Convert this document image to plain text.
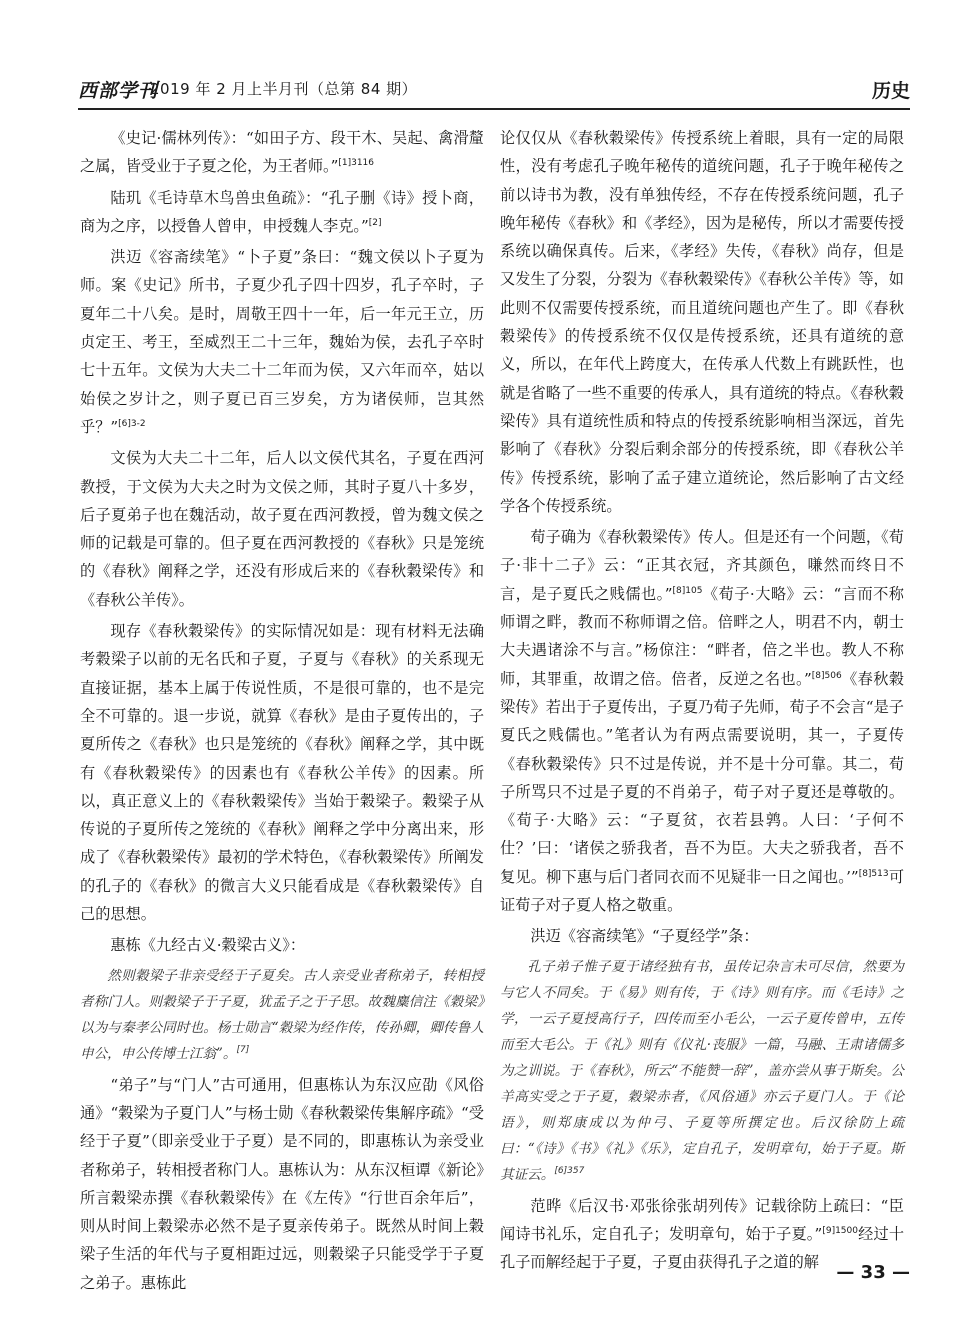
西部学刊
2019 年 2 月上半月刊（总第 84 期）	历史

《史记·儒林列传》：“如田子方、段干木、吴起、禽滑釐之属，皆受业于子夏之伦，为王者师。”$^{[1]3116}$

陆玑《毛诗草木鸟兽虫鱼疏》：“孔子删《诗》授卜商，商为之序，以授鲁人曾申，申授魏人李克。”[2]

洪迈《容斋续笔》“卜子夏”条曰：“魏文侯以卜子夏为师。案《史记》所书，子夏少孔子四十四岁，孔子卒时，子夏年二十八矣。是时，周敬王四十一年，后一年元王立，历贞定王、考王，至威烈王二十三年，魏始为侯，去孔子卒时七十五年。文侯为大夫二十二年而为侯，又六年而卒，姑以始侯之岁计之，则子夏已百三岁矣，方为诸侯师，岂其然乎？”$^{[6]3-2}$

文侯为大夫二十二年，后人以文侯代其名，子夏在西河教授，于文侯为大夫之时为文侯之师，其时子夏八十多岁，后子夏弟子也在魏活动，故子夏在西河教授，曾为魏文侯之师的记载是可靠的。但子夏在西河教授的《春秋》只是笼统的《春秋》阐释之学，还没有形成后来的《春秋穀梁传》和《春秋公羊传》。

现存《春秋穀梁传》的实际情况如是：现有材料无法确考穀梁子以前的无名氏和子夏，子夏与《春秋》的关系现无直接证据，基本上属于传说性质，不是很可靠的，也不是完全不可靠的。退一步说，就算《春秋》是由子夏传出的，子夏所传之《春秋》也只是笼统的《春秋》阐释之学，其中既有《春秋穀梁传》的因素也有《春秋公羊传》的因素。所以，真正意义上的《春秋穀梁传》当始于穀梁子。穀梁子从传说的子夏所传之笼统的《春秋》阐释之学中分离出来，形成了《春秋穀梁传》最初的学术特色，《春秋穀梁传》所阐发的孔子的《春秋》的微言大义只能看成是《春秋穀梁传》自己的思想。

惠栋《九经古义·穀梁古义》：

然则穀梁子非亲受经于子夏矣。古人亲受业者称弟子，转相授者称门人。则穀梁子于子夏，犹孟子之于子思。故魏麋信注《穀梁》以为与秦孝公同时也。杨士勋言“穀梁为经作传，传孙卿，卿传鲁人申公，申公传博士江翁”。[7]

“弟子”与“门人”古可通用，但惠栋认为东汉应劭《风俗通》“穀梁为子夏门人”与杨士勋《春秋穀梁传集解序疏》“受经于子夏”（即亲受业于子夏）是不同的，即惠栋认为亲受业者称弟子，转相授者称门人。惠栋认为：从东汉桓谭《新论》所言穀梁赤撰《春秋穀梁传》在《左传》“行世百余年后”，则从时间上穀梁赤必然不是子夏亲传弟子。既然从时间上穀梁子生活的年代与子夏相距过远，则穀梁子只能受学于子夏之弟子。惠栋此

论仅仅从《春秋穀梁传》传授系统上着眼，具有一定的局限性，没有考虑孔子晚年秘传的道统问题，孔子于晚年秘传之前以诗书为教，没有单独传经，不存在传授系统问题，孔子晚年秘传《春秋》和《孝经》，因为是秘传，所以才需要传授系统以确保真传。后来，《孝经》失传，《春秋》尚存，但是又发生了分裂，分裂为《春秋穀梁传》《春秋公羊传》等，如此则不仅需要传授系统，而且道统问题也产生了。即《春秋穀梁传》的传授系统不仅仅是传授系统，还具有道统的意义，所以，在年代上跨度大，在传承人代数上有跳跃性，也就是省略了一些不重要的传承人，具有道统的特点。《春秋穀梁传》具有道统性质和特点的传授系统影响相当深远，首先影响了《春秋》分裂后剩余部分的传授系统，即《春秋公羊传》传授系统，影响了孟子建立道统论，然后影响了古文经学各个传授系统。

荀子确为《春秋穀梁传》传人。但是还有一个问题，《荀子·非十二子》云：“正其衣冠，齐其颜色，嗛然而终日不言，是子夏氏之贱儒也。”$^{[8]105}$《荀子·大略》云：“言而不称师谓之畔，教而不称师谓之倍。倍畔之人，明君不内，朝士大夫遇诸涂不与言。”杨倞注：“畔者，倍之半也。教人不称师，其罪重，故谓之倍。倍者，反逆之名也。”$^{[8]506}$《春秋穀梁传》若出于子夏传出，子夏乃荀子先师，荀子不会言“是子夏氏之贱儒也。”笔者认为有两点需要说明，其一，子夏传《春秋穀梁传》只不过是传说，并不是十分可靠。其二，荀子所骂只不过是子夏的不肖弟子，荀子对子夏还是尊敬的。《荀子·大略》云：“子夏贫，衣若县鹑。人曰：‘子何不仕？’曰：‘诸侯之骄我者，吾不为臣。大夫之骄我者，吾不复见。柳下惠与后门者同衣而不见疑非一日之闻也。’”$^{[8]513}$可证荀子对子夏人格之敬重。

洪迈《容斋续笔》“子夏经学”条：

孔子弟子惟子夏于诸经独有书，虽传记杂言未可尽信，然要为与它人不同矣。于《易》则有传，于《诗》则有序。而《毛诗》之学，一云子夏授高行子，四传而至小毛公，一云子夏传曾申，五传而至大毛公。于《礼》则有《仪礼·丧服》一篇，马融、王肃诸儒多为之训说。于《春秋》，所云“不能赞一辞”，盖亦尝从事于斯矣。公羊高实受之于子夏，穀梁赤者，《风俗通》亦云子夏门人。于《论语》，则郑康成以为仲弓、子夏等所撰定也。后汉徐防上疏曰：“《诗》《书》《礼》《乐》，定自孔子，发明章句，始于子夏。斯其证云。$^{[6]357}$

范晔《后汉书·邓张徐张胡列传》记载徐防上疏曰：“臣闻诗书礼乐，定自孔子；发明章句，始于子夏。”$^{[9]1500}$经过十孔子而解经起于子夏，子夏由获得孔子之道的解 — 33 —
